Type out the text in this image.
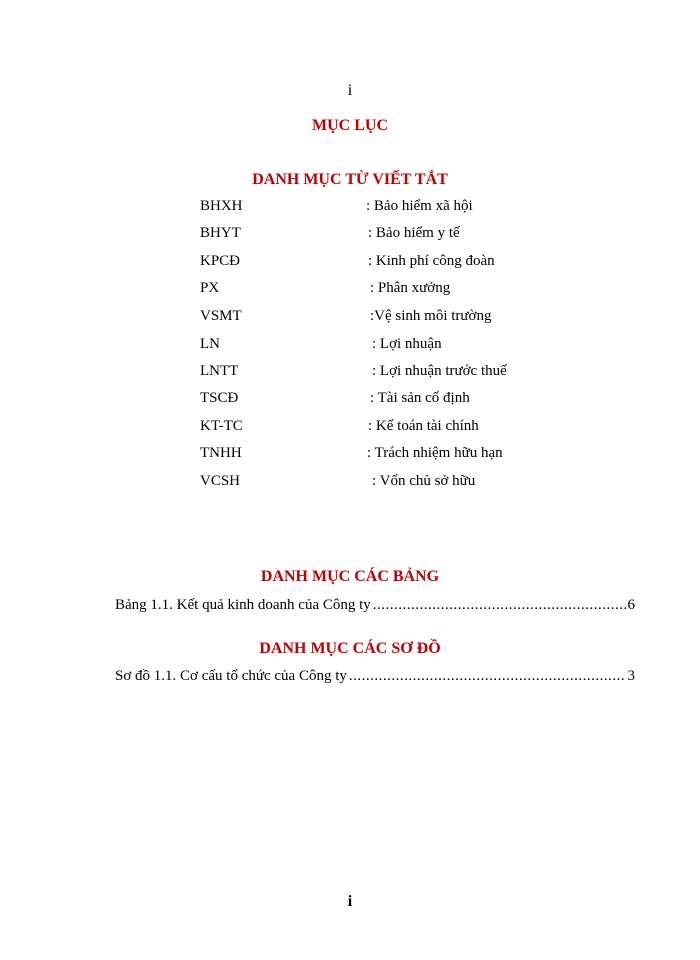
i
MỤC LỤC
DANH MỤC TỪ VIẾT TẮT
BHXH	: Bảo hiểm xã hội
BHYT	: Bảo hiểm y tế
KPCĐ	: Kinh phí công đoàn
PX	: Phân xưởng
VSMT	:Vệ sinh môi trường
LN	: Lợi nhuận
LNTT	: Lợi nhuận trước thuế
TSCĐ	: Tài sản cố định
KT-TC	: Kế toán tài chính
TNHH	: Trách nhiệm hữu hạn
VCSH	: Vốn chủ sở hữu
DANH MỤC CÁC BẢNG
Bảng 1.1. Kết quả kinh doanh của Công ty .....	6
DANH MỤC CÁC SƠ ĐỒ
Sơ đồ 1.1. Cơ cấu tổ chức của Công ty .....	3
i
